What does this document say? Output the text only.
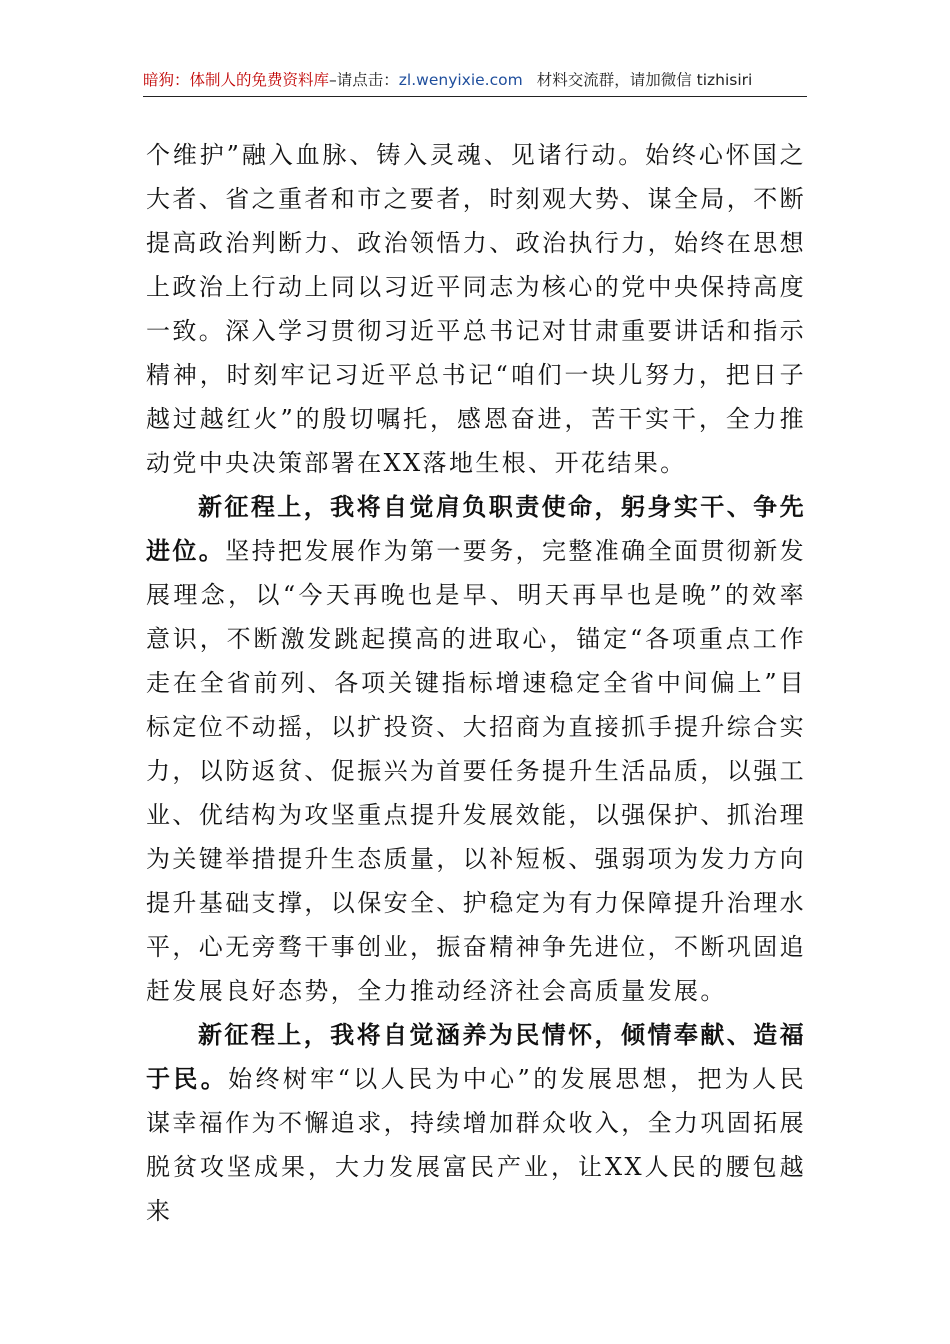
暗狗：体制人的免费资料库–请点击：zl.wenyixie.com 材料交流群，请加微信 tizhisiri

个维护”融入血脉、铸入灵魂、见诸行动。始终心怀国之大者、省之重者和市之要者，时刻观大势、谋全局，不断提高政治判断力、政治领悟力、政治执行力，始终在思想上政治上行动上同以习近平同志为核心的党中央保持高度一致。深入学习贯彻习近平总书记对甘肃重要讲话和指示精神，时刻牢记习近平总书记“咱们一块儿努力，把日子越过越红火”的殷切嘱托，感恩奋进，苦干实干，全力推动党中央决策部署在XX落地生根、开花结果。

新征程上，我将自觉肩负职责使命，躬身实干、争先进位。坚持把发展作为第一要务，完整准确全面贯彻新发展理念，以“今天再晚也是早、明天再早也是晚”的效率意识，不断激发跳起摸高的进取心，锚定“各项重点工作走在全省前列、各项关键指标增速稳定全省中间偏上”目标定位不动摇，以扩投资、大招商为直接抓手提升综合实力，以防返贫、促振兴为首要任务提升生活品质，以强工业、优结构为攻坚重点提升发展效能，以强保护、抓治理为关键举措提升生态质量，以补短板、强弱项为发力方向提升基础支撑，以保安全、护稳定为有力保障提升治理水平，心无旁骛干事创业，振奋精神争先进位，不断巩固追赶发展良好态势，全力推动经济社会高质量发展。

新征程上，我将自觉涵养为民情怀，倾情奉献、造福于民。始终树牢“以人民为中心”的发展思想，把为人民谋幸福作为不懈追求，持续增加群众收入，全力巩固拓展脱贫攻坚成果，大力发展富民产业，让XX人民的腰包越来
